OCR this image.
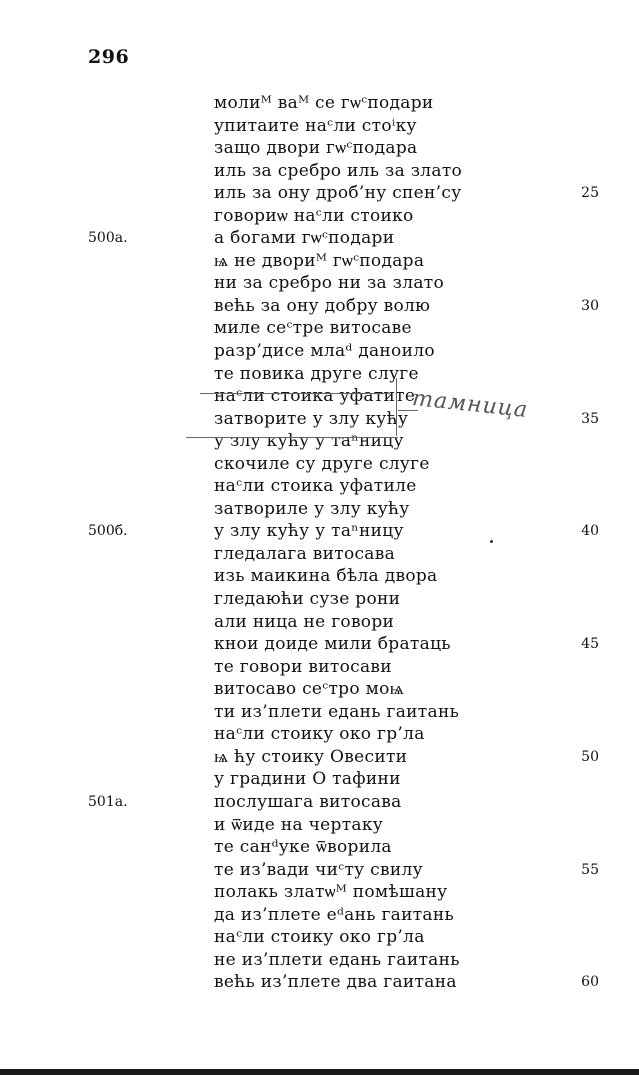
296
молиᴹ ваᴹ се гѡᶜподари
упитаите наᶜли стоⁱку
защо двори гѡᶜподара
иль за сребро иль за злато
иль за ону дроб’ну спен’су
говориѡ наᶜли стоико
а богами гѡᶜподари
ѩ не двориᴹ гѡᶜподара
ни за сребро ни за злато
већь за ону добру волю
миле сеᶜтре витосаве
разр’дисе млаᵈ даноило
те повика друге слуге
наᶜли стоика уфатите
затворите у злу кућу
у злу кућу у таⁿницу
скочиле су друге слуге
наᶜли стоика уфатиле
затвориле у злу кућу
у злу кућу у таⁿницу
гледалага витосава
изь маикина бѣла двора
гледаюћи сузе рони
али ница не говори
кнои доиде мили братаць
те говори витосави
витосаво сеᶜтро моѩ
ти из’плети едань гаитань
наᶜли стоику око гр’ла
ѩ ћу стоику Овесити
у градини О тафини
послушага витосава
и ѿиде на чертаку
те санᵈуке ѿворила
те из’вади чиᶜту свилу
полакь златѡᴹ помѣшану
да из’плете еᵈань гаитань
наᶜли стоику око гр’ла
не из’плети едань гаитань
већь из’плете два гаитана
500a.
500б.
501a.
25
30
35
40
45
50
55
60
тамница
